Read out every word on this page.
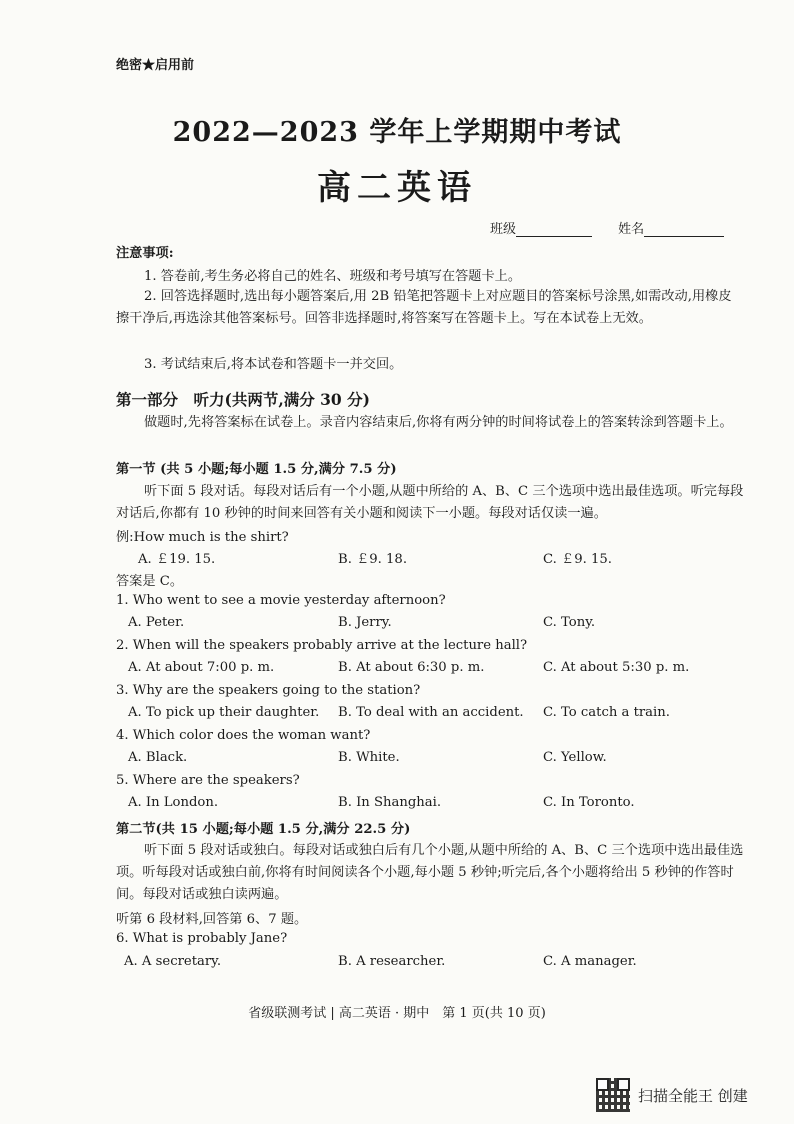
绝密★启用前
2022—2023 学年上学期期中考试
高二英语
班级	姓名
注意事项:
1. 答卷前,考生务必将自己的姓名、班级和考号填写在答题卡上。
2. 回答选择题时,选出每小题答案后,用 2B 铅笔把答题卡上对应题目的答案标号涂黑,如需改动,用橡皮擦干净后,再选涂其他答案标号。回答非选择题时,将答案写在答题卡上。写在本试卷上无效。
3. 考试结束后,将本试卷和答题卡一并交回。
第一部分　听力(共两节,满分 30 分)
做题时,先将答案标在试卷上。录音内容结束后,你将有两分钟的时间将试卷上的答案转涂到答题卡上。
第一节 (共 5 小题;每小题 1.5 分,满分 7.5 分)
听下面 5 段对话。每段对话后有一个小题,从题中所给的 A、B、C 三个选项中选出最佳选项。听完每段对话后,你都有 10 秒钟的时间来回答有关小题和阅读下一小题。每段对话仅读一遍。
例:How much is the shirt?
A. ￡19. 15.	B. ￡9. 18.	C. ￡9. 15.
答案是 C。
1. Who went to see a movie yesterday afternoon?
A. Peter.	B. Jerry.	C. Tony.
2. When will the speakers probably arrive at the lecture hall?
A. At about 7:00 p. m.	B. At about 6:30 p. m.	C. At about 5:30 p. m.
3. Why are the speakers going to the station?
A. To pick up their daughter. B. To deal with an accident. C. To catch a train.
4. Which color does the woman want?
A. Black.	B. White.	C. Yellow.
5. Where are the speakers?
A. In London.	B. In Shanghai.	C. In Toronto.
第二节(共 15 小题;每小题 1.5 分,满分 22.5 分)
听下面 5 段对话或独白。每段对话或独白后有几个小题,从题中所给的 A、B、C 三个选项中选出最佳选项。听每段对话或独白前,你将有时间阅读各个小题,每小题 5 秒钟;听完后,各个小题将给出 5 秒钟的作答时间。每段对话或独白读两遍。
听第 6 段材料,回答第 6、7 题。
6. What is probably Jane?
A. A secretary.	B. A researcher.	C. A manager.
省级联测考试 | 高二英语 · 期中　第 1 页(共 10 页)
扫描全能王 创建
